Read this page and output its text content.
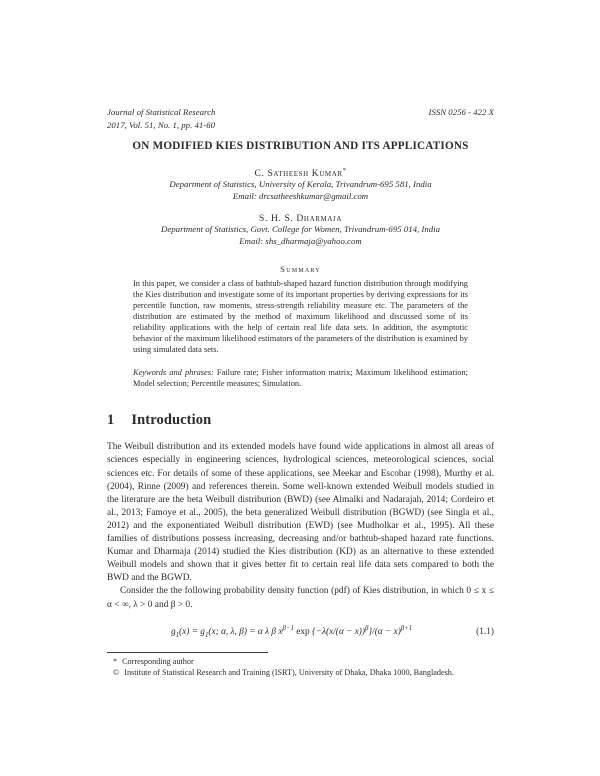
Journal of Statistical Research
2017, Vol. 51, No. 1, pp. 41-60
ISSN 0256 - 422 X
ON MODIFIED KIES DISTRIBUTION AND ITS APPLICATIONS
C. Satheesh Kumar*
Department of Statistics, University of Kerala, Trivandrum-695 581, India
Email: drcsatheeshkumar@gmail.com
S. H. S. Dharmaja
Department of Statistics, Govt. College for Women, Trivandrum-695 014, India
Email: shs_dharmaja@yahoo.com
Summary
In this paper, we consider a class of bathtub-shaped hazard function distribution through modifying the Kies distribution and investigate some of its important properties by deriving expressions for its percentile function, raw moments, stress-strength reliability measure etc. The parameters of the distribution are estimated by the method of maximum likelihood and discussed some of its reliability applications with the help of certain real life data sets. In addition, the asymptotic behavior of the maximum likelihood estimators of the parameters of the distribution is examined by using simulated data sets.
Keywords and phrases: Failure rate; Fisher information matrix; Maximum likelihood estimation; Model selection; Percentile measures; Simulation.
1 Introduction
The Weibull distribution and its extended models have found wide applications in almost all areas of sciences especially in engineering sciences, hydrological sciences, meteorological sciences, social sciences etc. For details of some of these applications, see Meekar and Escobar (1998), Murthy et al. (2004), Rinne (2009) and references therein. Some well-known extended Weibull models studied in the literature are the beta Weibull distribution (BWD) (see Almalki and Nadarajah, 2014; Cordeiro et al., 2013; Famoye et al., 2005), the beta generalized Weibull distribution (BGWD) (see Singla et al., 2012) and the exponentiated Weibull distribution (EWD) (see Mudholkar et al., 1995). All these families of distributions possess increasing, decreasing and/or bathtub-shaped hazard rate functions. Kumar and Dharmaja (2014) studied the Kies distribution (KD) as an alternative to these extended Weibull models and shown that it gives better fit to certain real life data sets compared to both the BWD and the BGWD.
Consider the the following probability density function (pdf) of Kies distribution, in which 0 ≤ x ≤ α < ∞, λ > 0 and β > 0.
$g_1(x) = g_1(x$; α, λ, β) = α λ β $x^{\beta-1}$ $\exp \{-\lambda(x/(\alpha - x))^\beta\}/(\alpha - x)^{\beta+1}$	(1.1)
* Corresponding author
© Institute of Statistical Research and Training (ISRT), University of Dhaka, Dhaka 1000, Bangladesh.
